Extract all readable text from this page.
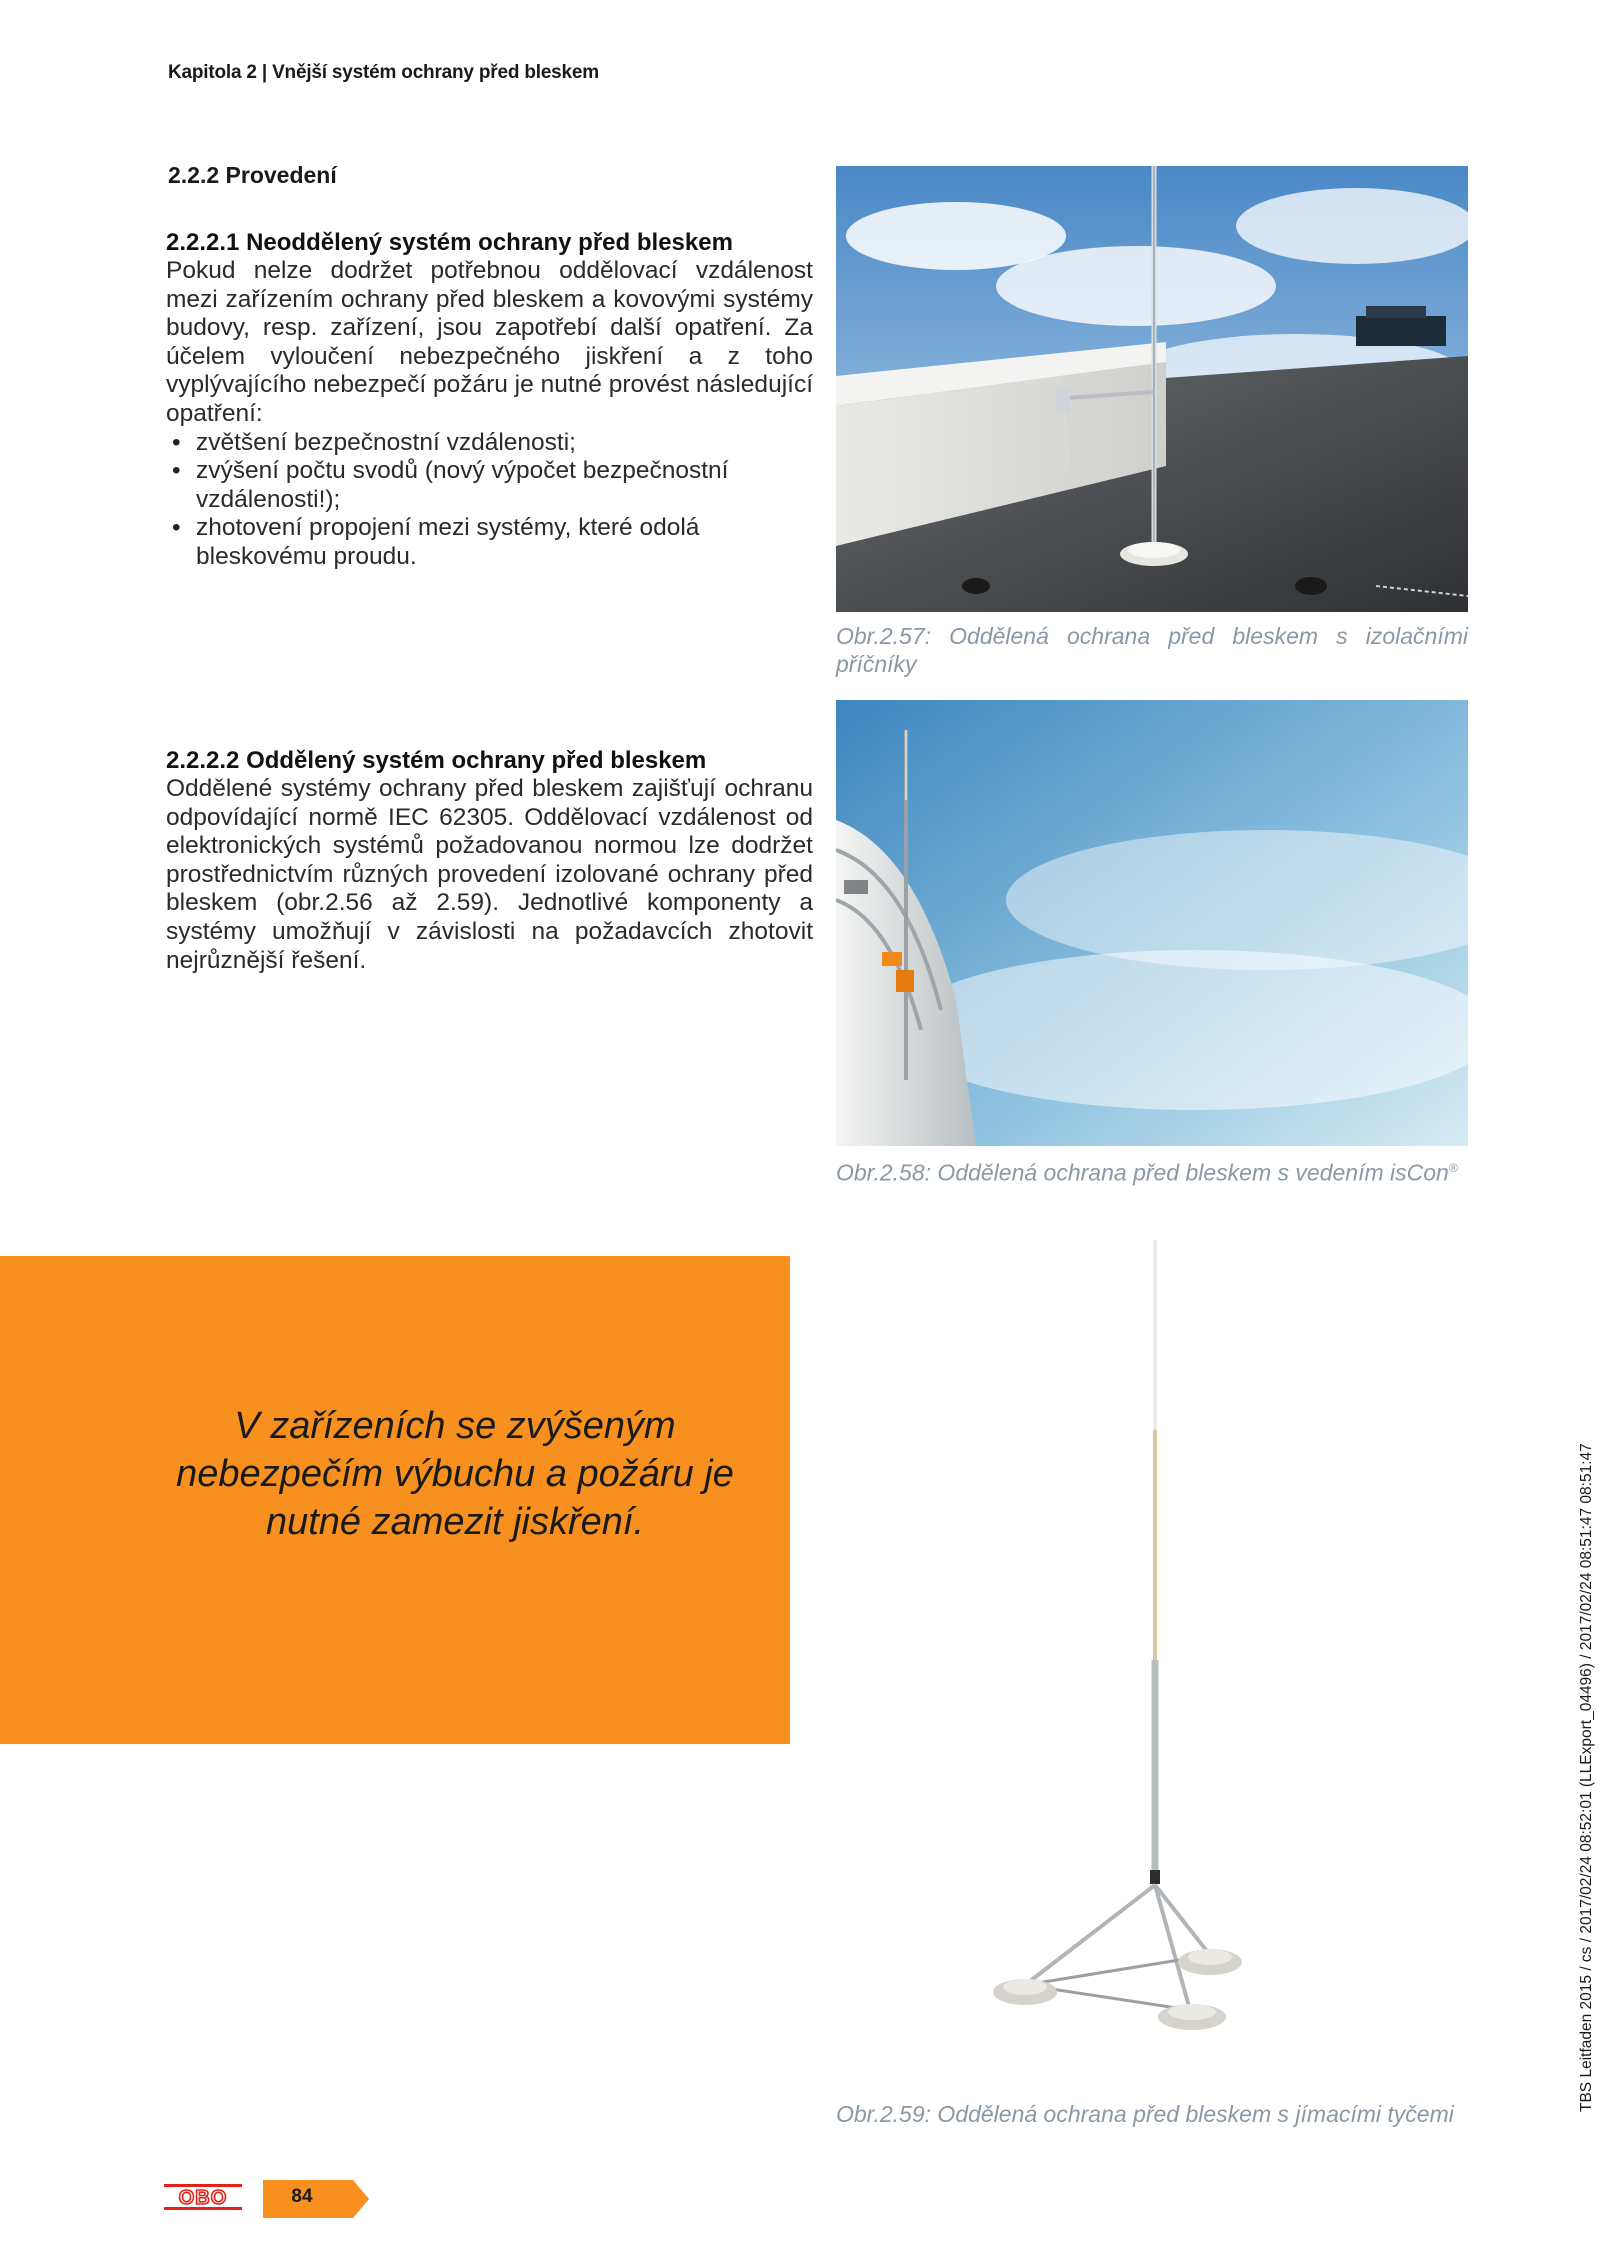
Kapitola 2 | Vnější systém ochrany před bleskem
2.2.2 Provedení
2.2.2.1 Neoddělený systém ochrany před bleskem

Pokud nelze dodržet potřebnou oddělovací vzdálenost mezi zařízením ochrany před bleskem a kovovými systémy budovy, resp. zařízení, jsou zapotřebí další opatření. Za účelem vyloučení nebezpečného jiskření a z toho vyplývajícího nebezpečí požáru je nutné provést následující opatření:

• zvětšení bezpečnostní vzdálenosti;
• zvýšení počtu svodů (nový výpočet bezpečnostní vzdálenosti!);
• zhotovení propojení mezi systémy, které odolá bleskovému proudu.
2.2.2.2 Oddělený systém ochrany před bleskem

Oddělené systémy ochrany před bleskem zajišťují ochranu odpovídající normě IEC 62305. Oddělovací vzdálenost od elektronických systémů požadovanou normou lze dodržet prostřednictvím různých provedení izolované ochrany před bleskem (obr.2.56 až 2.59). Jednotlivé komponenty a systémy umožňují v závislosti na požadavcích zhotovit nejrůznější řešení.

Obr.2.57: Oddělená ochrana před bleskem s izolačními příčníky
Obr.2.58: Oddělená ochrana před bleskem s vedením isCon®
V zařízeních se zvýšeným nebezpečím výbuchu a požáru je nutné zamezit jiskření.
Obr.2.59: Oddělená ochrana před bleskem s jímacími tyčemi
TBS Leitfaden 2015 / cs / 2017/02/24 08:52:01 (LLExport_04496) / 2017/02/24 08:51:47 08:51:47
OBO	84
